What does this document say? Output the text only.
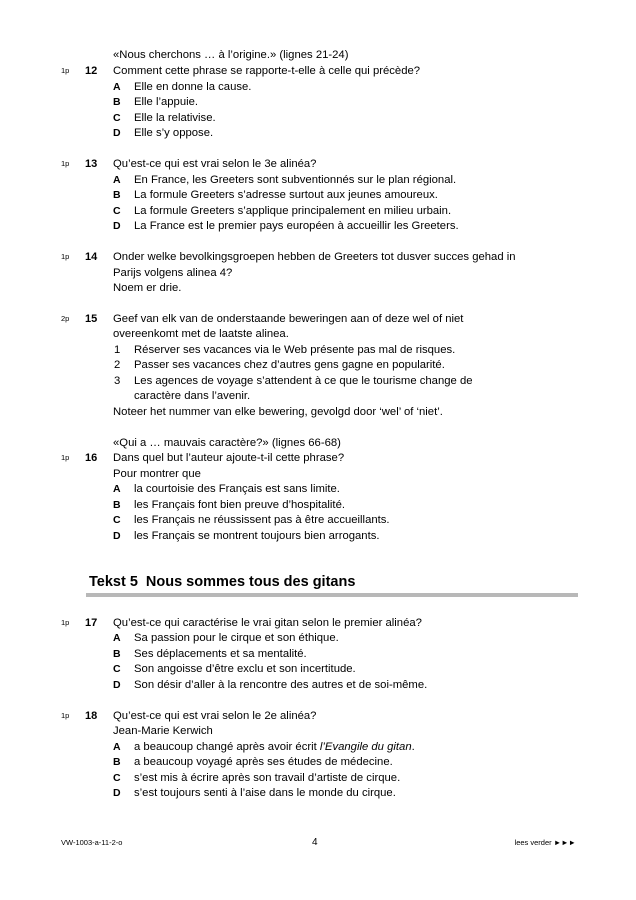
«Nous cherchons … à l’origine.» (lignes 21-24)
1p 12 Comment cette phrase se rapporte-t-elle à celle qui précède?
A Elle en donne la cause.
B Elle l’appuie.
C Elle la relativise.
D Elle s’y oppose.
1p 13 Qu’est-ce qui est vrai selon le 3e alinéa?
A En France, les Greeters sont subventionnés sur le plan régional.
B La formule Greeters s’adresse surtout aux jeunes amoureux.
C La formule Greeters s’applique principalement en milieu urbain.
D La France est le premier pays européen à accueillir les Greeters.
1p 14 Onder welke bevolkingsgroepen hebben de Greeters tot dusver succes gehad in
Parijs volgens alinea 4?
Noem er drie.
2p 15 Geef van elk van de onderstaande beweringen aan of deze wel of niet
overeenkomt met de laatste alinea.
1 Réserver ses vacances via le Web présente pas mal de risques.
2 Passer ses vacances chez d’autres gens gagne en popularité.
3 Les agences de voyage s’attendent à ce que le tourisme change de
caractère dans l’avenir.
Noteer het nummer van elke bewering, gevolgd door ‘wel’ of ‘niet’.
«Qui a … mauvais caractère?» (lignes 66-68)
1p 16 Dans quel but l’auteur ajoute-t-il cette phrase?
Pour montrer que
A la courtoisie des Français est sans limite.
B les Français font bien preuve d’hospitalité.
C les Français ne réussissent pas à être accueillants.
D les Français se montrent toujours bien arrogants.
Tekst 5 Nous sommes tous des gitans
1p 17 Qu’est-ce qui caractérise le vrai gitan selon le premier alinéa?
A Sa passion pour le cirque et son éthique.
B Ses déplacements et sa mentalité.
C Son angoisse d’être exclu et son incertitude.
D Son désir d’aller à la rencontre des autres et de soi-même.
1p 18 Qu’est-ce qui est vrai selon le 2e alinéa?
Jean-Marie Kerwich
A a beaucoup changé après avoir écrit l’Evangile du gitan.
B a beaucoup voyagé après ses études de médecine.
C s’est mis à écrire après son travail d’artiste de cirque.
D s’est toujours senti à l’aise dans le monde du cirque.
VW-1003-a-11-2-o	4	lees verder ►►►
